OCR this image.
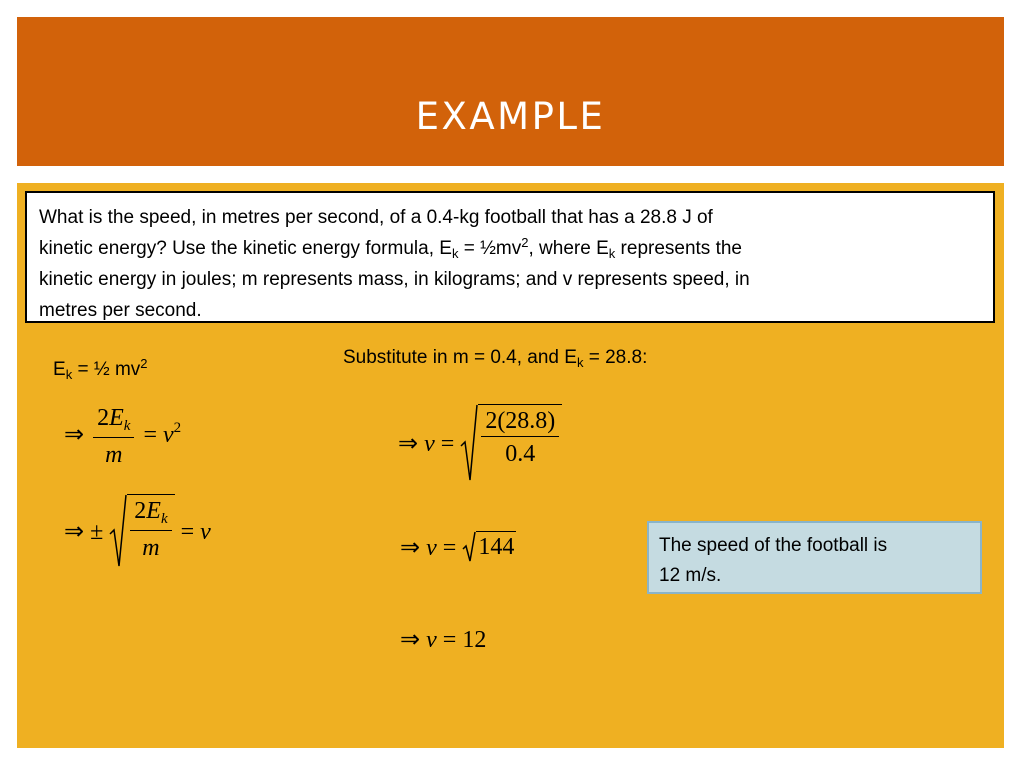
EXAMPLE
What is the speed, in metres per second, of a 0.4-kg football that has a 28.8 J of
kinetic energy? Use the kinetic energy formula, $E_k$ = $\frac{1}{2}mv^2$, where $E_k$ represents the
kinetic energy in joules; m represents mass, in kilograms; and v represents speed, in
metres per second.
$E_k$ = ½ $mv^2$	Substitute in m = 0.4, and $E_k = 28.8$:
⇒ $\frac{2E_k}{m} = v^2$
⇒ ± $\frac{2E_k}{m} = v$
⇒ $v = \frac{2(28.8)}{0.4}$
⇒ v = 144
⇒ v = 12
The speed of the football is
12 m/s.
